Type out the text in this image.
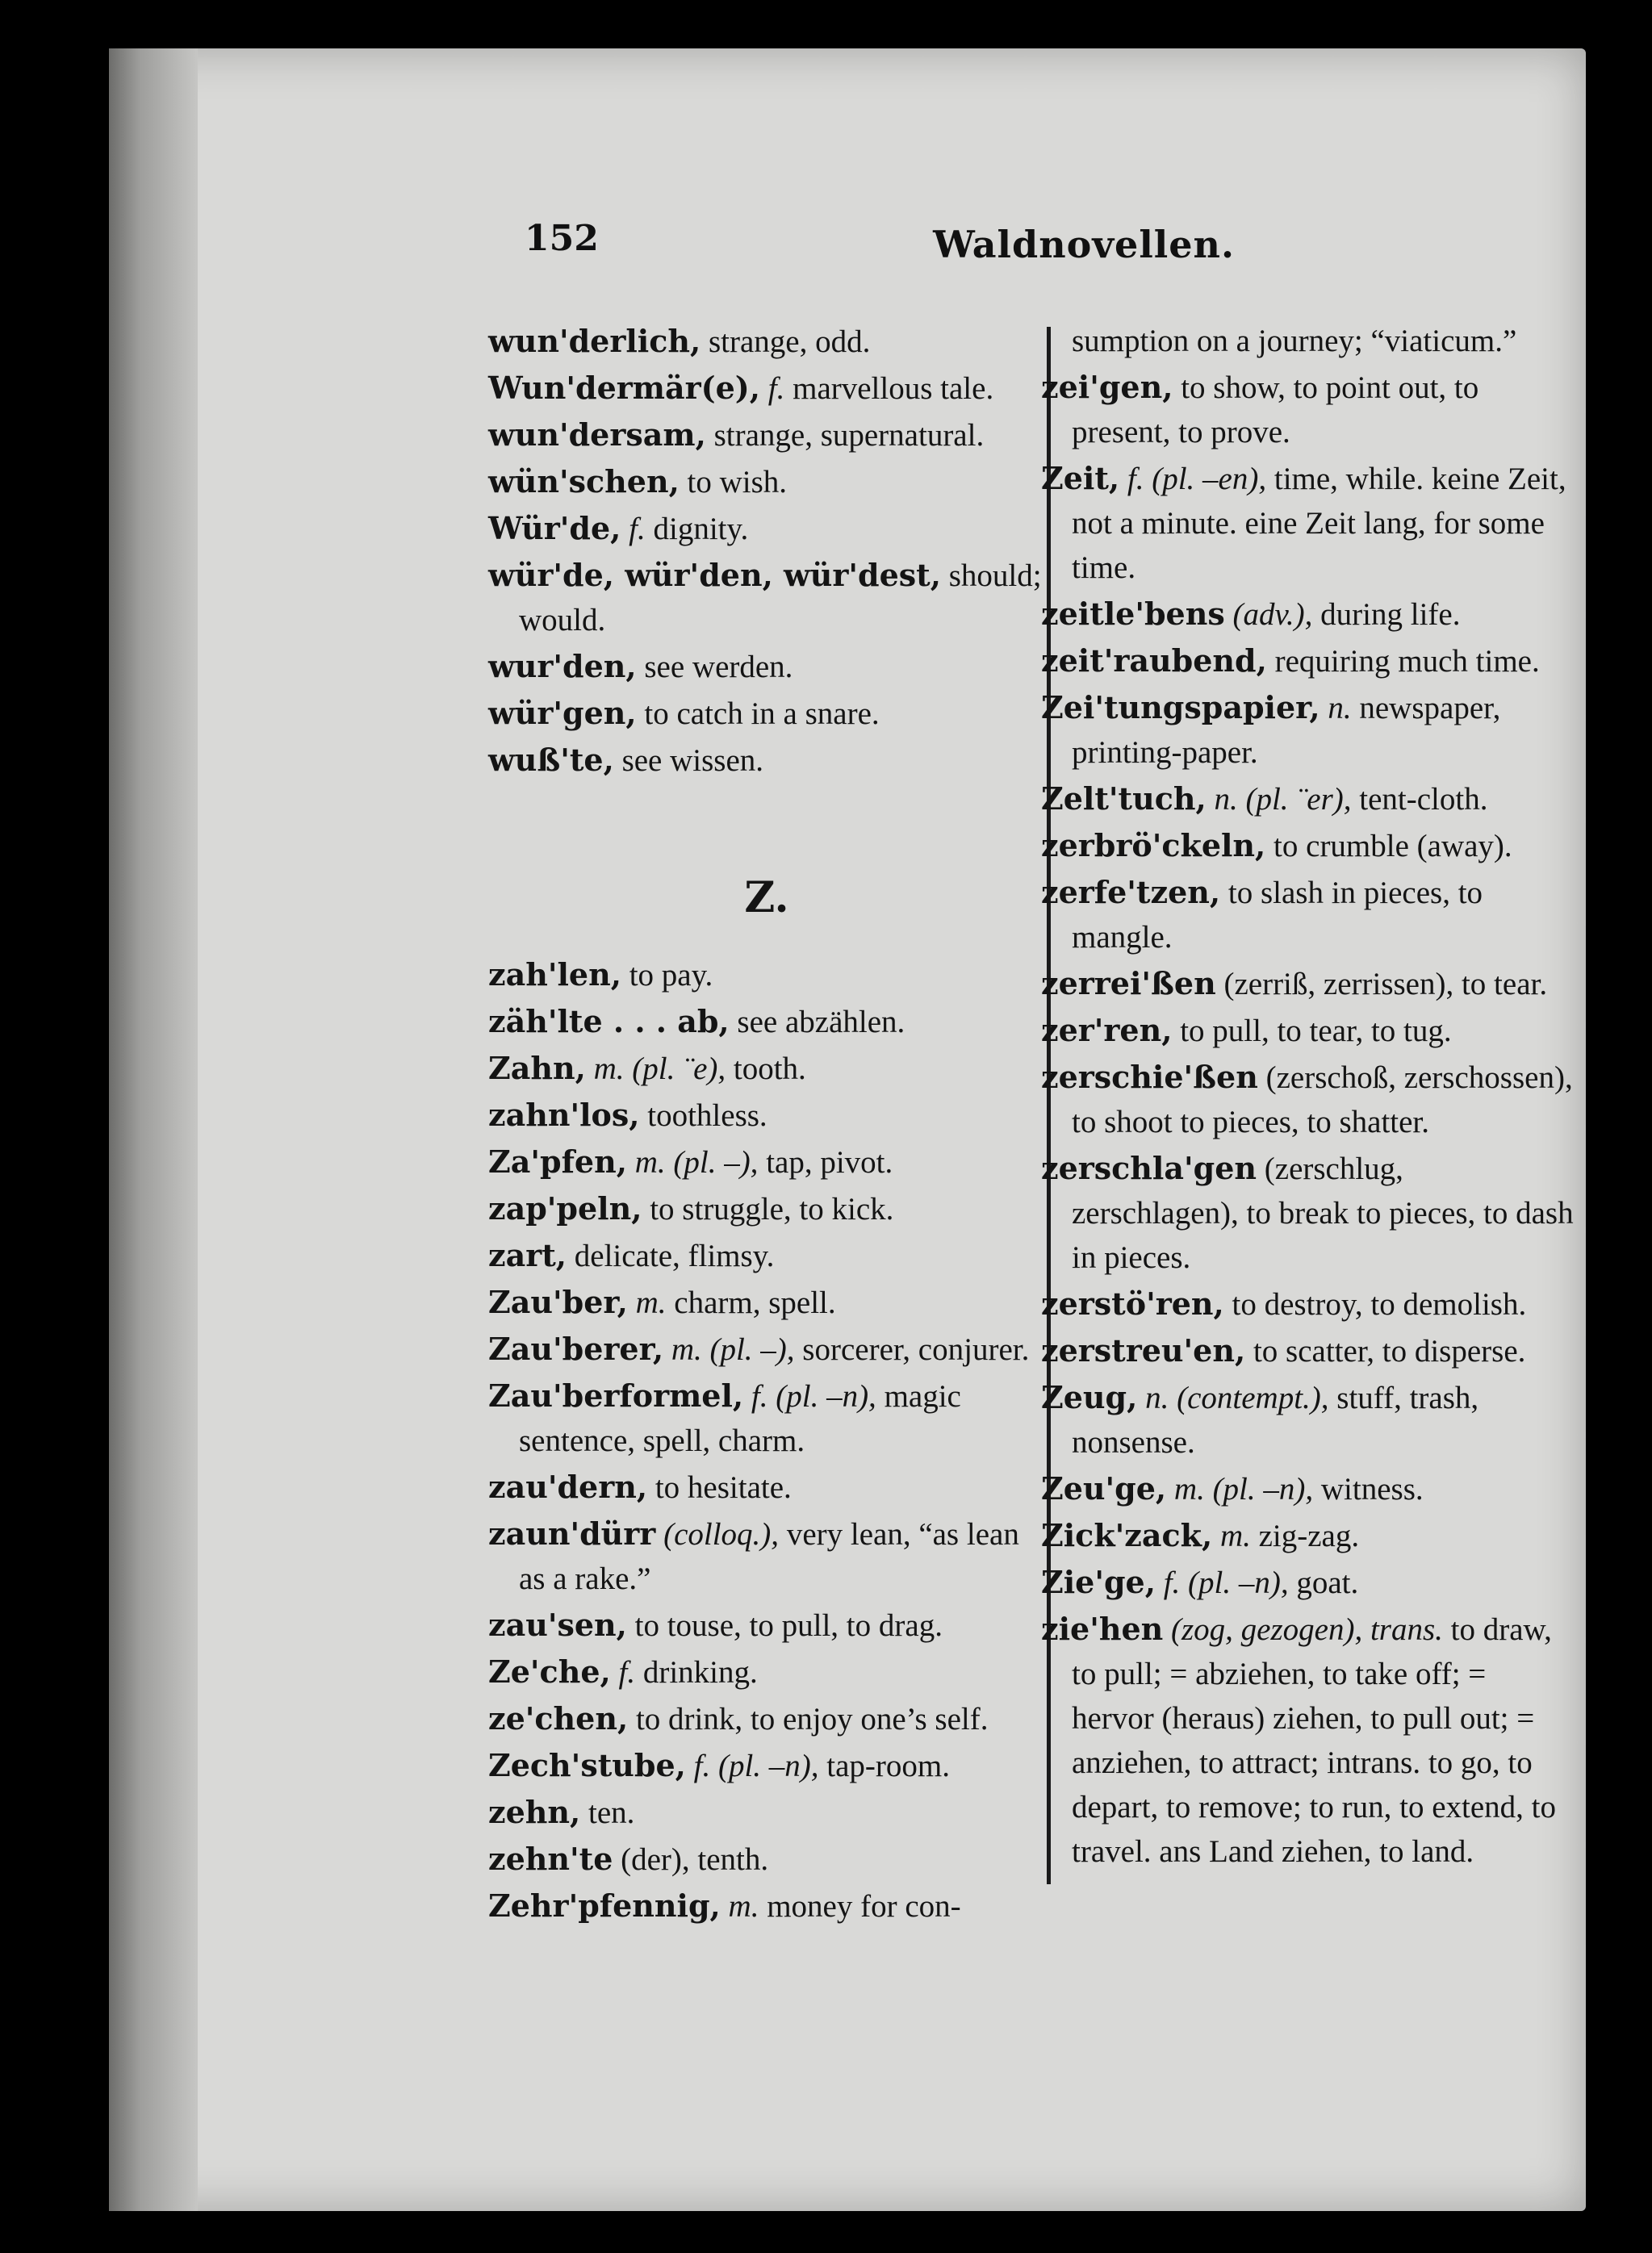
152	Waldnovellen.
wun'derlich, strange, odd.
Wun'dermär(e), f. marvellous tale.
wun'dersam, strange, supernatural.
wün'schen, to wish.
Wür'de, f. dignity.
wür'de, wür'den, wür'dest, should; would.
wur'den, see werden.
wür'gen, to catch in a snare.
wuß'te, see wissen.
Z.
zah'len, to pay.
zäh'lte . . . ab, see abzählen.
Zahn, m. (pl. ¨e), tooth.
zahn'los, toothless.
Za'pfen, m. (pl. –), tap, pivot.
zap'peln, to struggle, to kick.
zart, delicate, flimsy.
Zau'ber, m. charm, spell.
Zau'berer, m. (pl. –), sorcerer, conjurer.
Zau'berformel, f. (pl. –n), magic sentence, spell, charm.
zau'dern, to hesitate.
zaun'dürr (colloq.), very lean, “as lean as a rake.”
zau'sen, to touse, to pull, to drag.
Ze'che, f. drinking.
ze'chen, to drink, to enjoy one’s self.
Zech'stube, f. (pl. –n), tap-room.
zehn, ten.
zehn'te (der), tenth.
Zehr'pfennig, m. money for con-
sumption on a journey; “viaticum.”
zei'gen, to show, to point out, to present, to prove.
Zeit, f. (pl. –en), time, while. keine Zeit, not a minute. eine Zeit lang, for some time.
zeitle'bens (adv.), during life.
zeit'raubend, requiring much time.
Zei'tungspapier, n. newspaper, printing-paper.
Zelt'tuch, n. (pl. ¨er), tent-cloth.
zerbrö'ckeln, to crumble (away).
zerfe'tzen, to slash in pieces, to mangle.
zerrei'ßen (zerriß, zerrissen), to tear.
zer'ren, to pull, to tear, to tug.
zerschie'ßen (zerschoß, zerschossen), to shoot to pieces, to shatter.
zerschla'gen (zerschlug, zerschlagen), to break to pieces, to dash in pieces.
zerstö'ren, to destroy, to demolish.
zerstreu'en, to scatter, to disperse.
Zeug, n. (contempt.), stuff, trash, nonsense.
Zeu'ge, m. (pl. –n), witness.
Zick'zack, m. zig-zag.
Zie'ge, f. (pl. –n), goat.
zie'hen (zog, gezogen), trans. to draw, to pull; = abziehen, to take off; = hervor (heraus) ziehen, to pull out; = anziehen, to attract; intrans. to go, to depart, to remove; to run, to extend, to travel. ans Land ziehen, to land.
